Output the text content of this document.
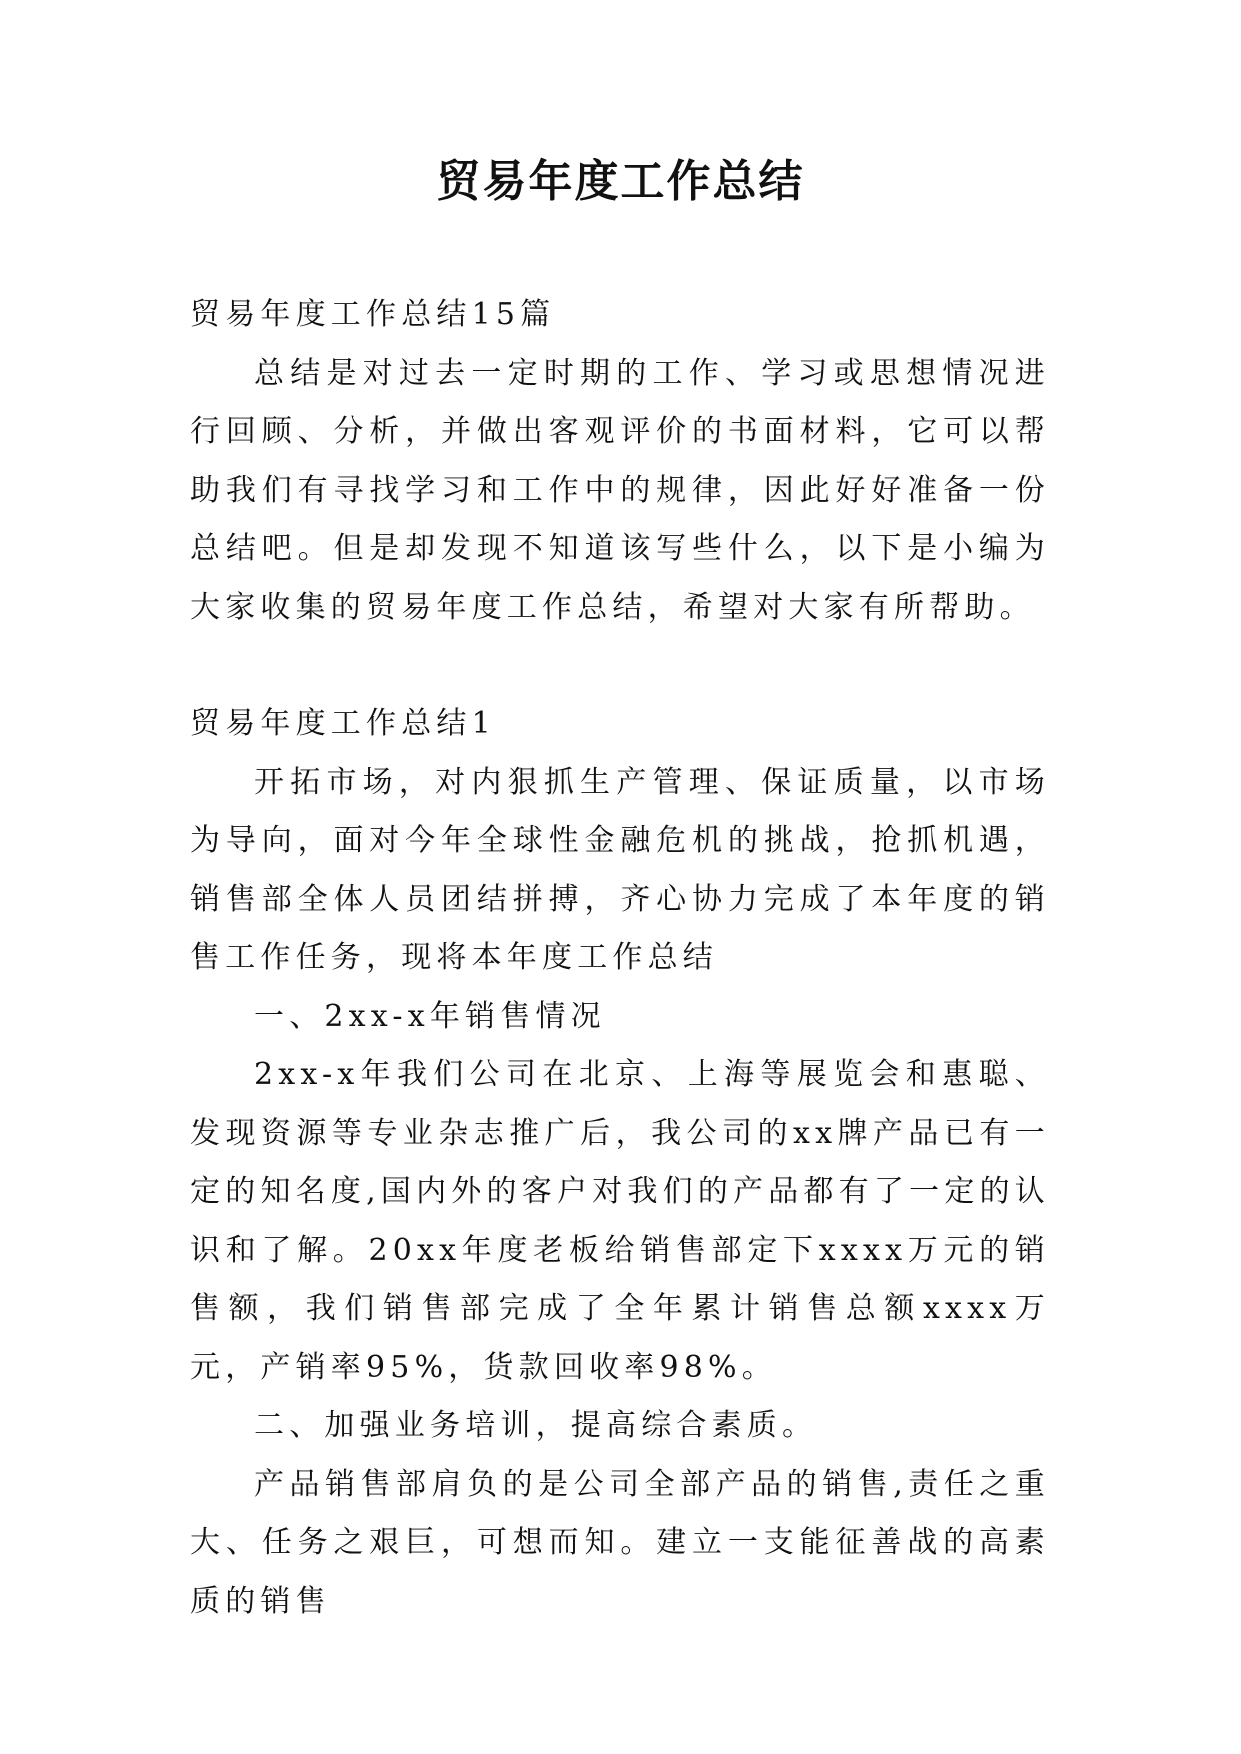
贸易年度工作总结

贸易年度工作总结15篇

总结是对过去一定时期的工作、学习或思想情况进行回顾、分析，并做出客观评价的书面材料，它可以帮助我们有寻找学习和工作中的规律，因此好好准备一份总结吧。但是却发现不知道该写些什么，以下是小编为大家收集的贸易年度工作总结，希望对大家有所帮助。

贸易年度工作总结1

开拓市场，对内狠抓生产管理、保证质量，以市场为导向，面对今年全球性金融危机的挑战，抢抓机遇，销售部全体人员团结拼搏，齐心协力完成了本年度的销售工作任务，现将本年度工作总结

一、2xx-x年销售情况

2xx-x年我们公司在北京、上海等展览会和惠聪、发现资源等专业杂志推广后，我公司的xx牌产品已有一定的知名度,国内外的客户对我们的产品都有了一定的认识和了解。20xx年度老板给销售部定下xxxx万元的销售额，我们销售部完成了全年累计销售总额xxxx万元，产销率95%，货款回收率98%。

二、加强业务培训，提高综合素质。

产品销售部肩负的是公司全部产品的销售,责任之重大、任务之艰巨，可想而知。建立一支能征善战的高素质的销售
